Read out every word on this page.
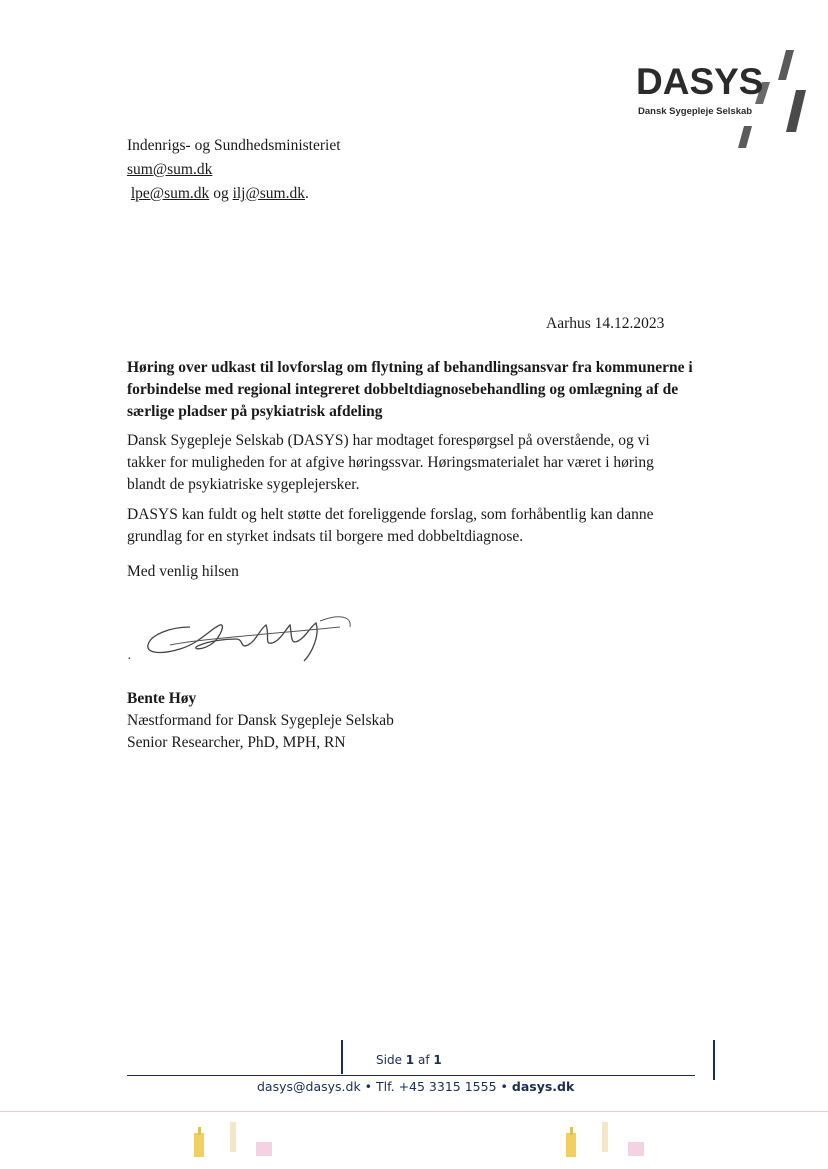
DASYS
Dansk Sygepleje Selskab
Indenrigs- og Sundhedsministeriet
sum@sum.dk
lpe@sum.dk og ilj@sum.dk.
Aarhus 14.12.2023
Høring over udkast til lovforslag om flytning af behandlingsansvar fra kommunerne i forbindelse med regional integreret dobbeltdiagnosebehandling og omlægning af de særlige pladser på psykiatrisk afdeling
Dansk Sygepleje Selskab (DASYS) har modtaget forespørgsel på overstående, og vi takker for muligheden for at afgive høringssvar. Høringsmaterialet har været i høring blandt de psykiatriske sygeplejersker.
DASYS kan fuldt og helt støtte det foreliggende forslag, som forhåbentlig kan danne grundlag for en styrket indsats til borgere med dobbeltdiagnose.
Med venlig hilsen
·
Bente Høy
Næstformand for Dansk Sygepleje Selskab
Senior Researcher, PhD, MPH, RN
Side 1 af 1
dasys@dasys.dk • Tlf. +45 3315 1555 • dasys.dk
